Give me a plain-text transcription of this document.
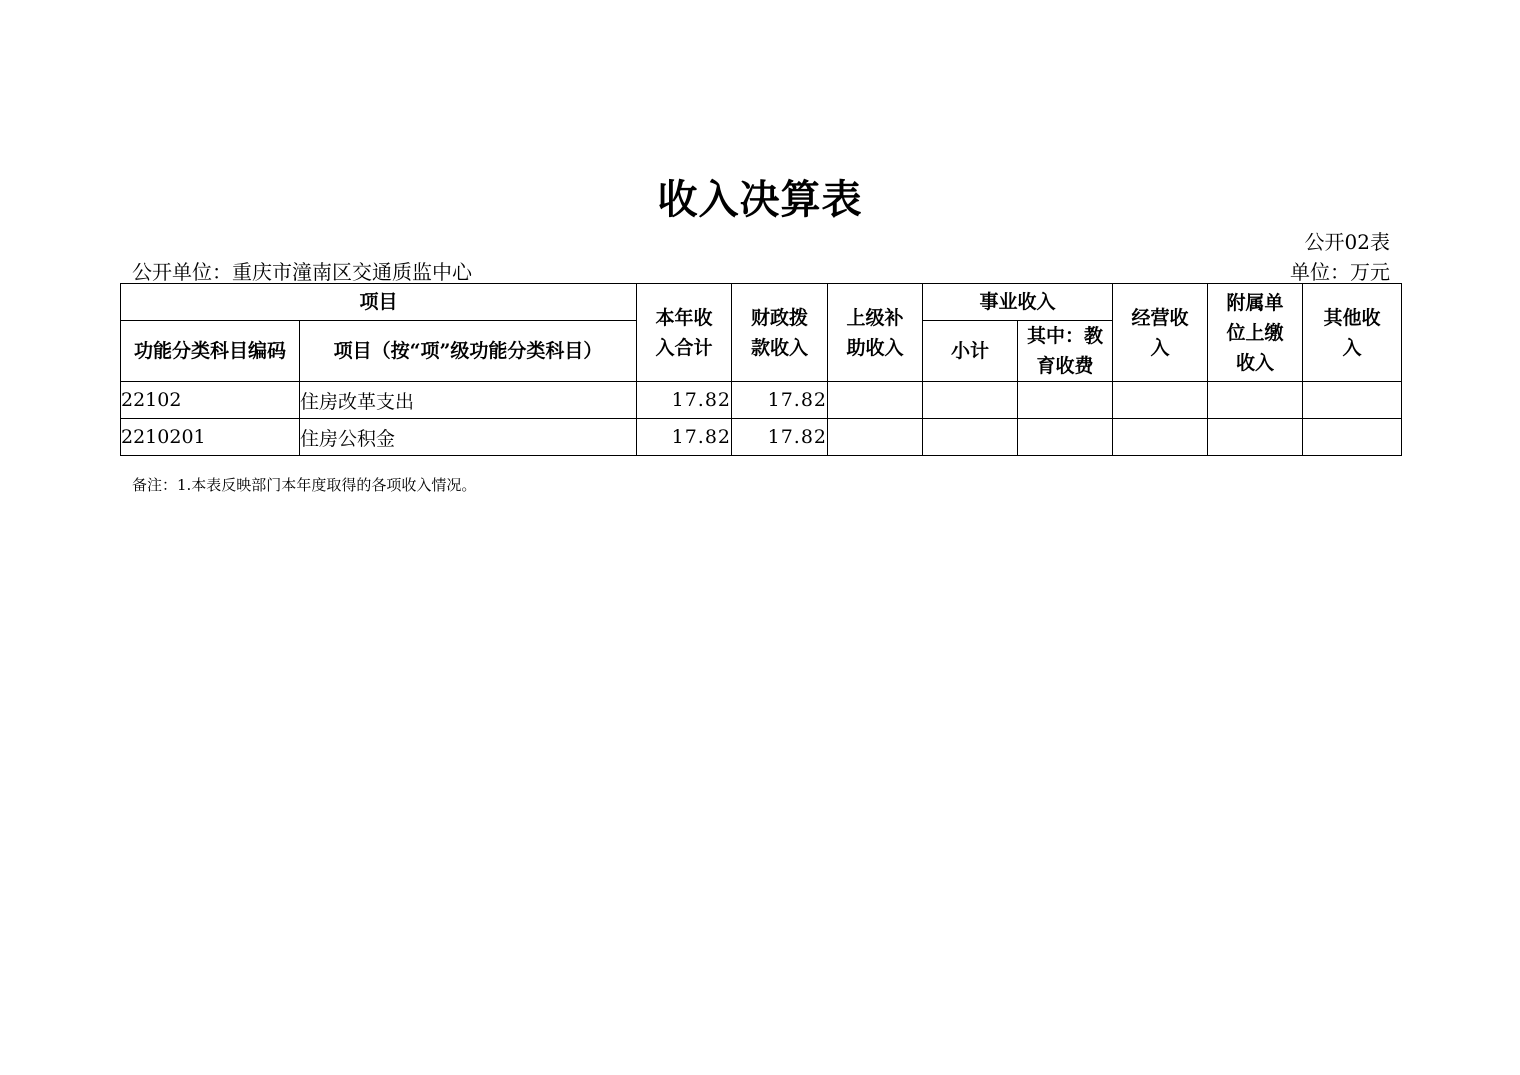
收入决算表
公开02表
公开单位：重庆市潼南区交通质监中心	单位：万元
项目		本年收入合计	财政拨款收入	上级补助收入	事业收入		经营收入	附属单位上缴收入	其他收入

功能分类科目编码	项目（按“项”级功能分类科目）				小计	其中：教育收费			

22102	住房改革支出	17.82	17.82						
2210201	住房公积金	17.82	17.82						
备注：1.本表反映部门本年度取得的各项收入情况。
